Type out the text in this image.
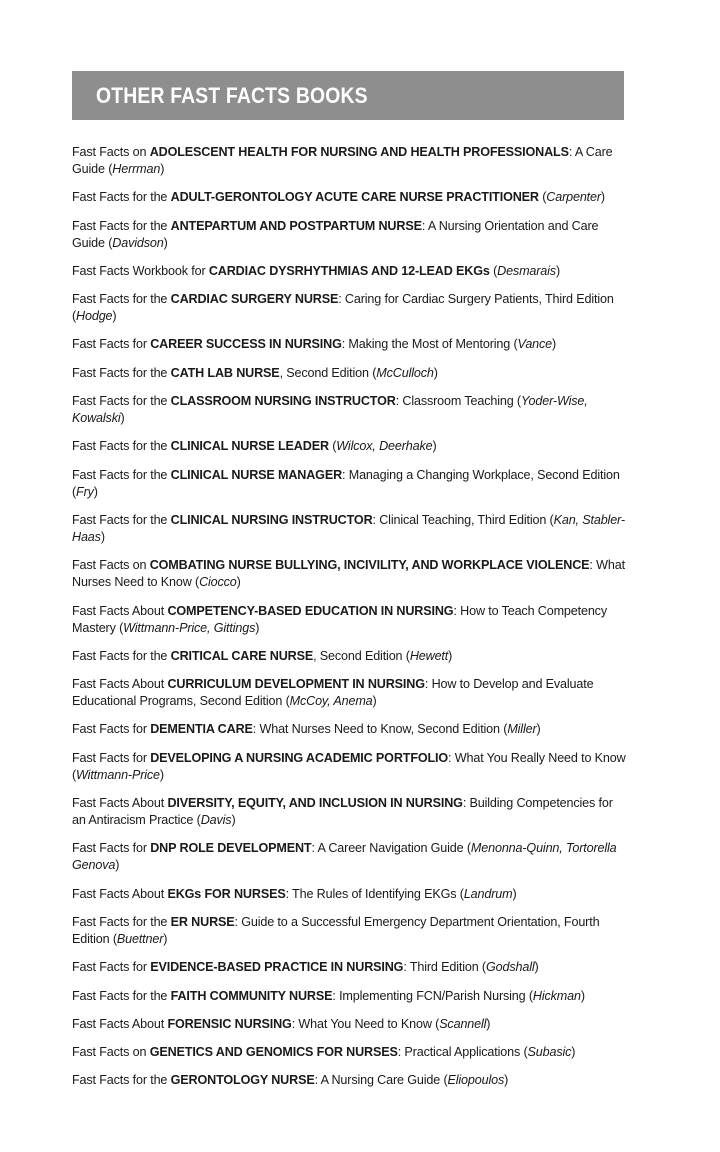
OTHER FAST FACTS BOOKS
Fast Facts on ADOLESCENT HEALTH FOR NURSING AND HEALTH PROFESSIONALS: A Care Guide (Herrman)
Fast Facts for the ADULT-GERONTOLOGY ACUTE CARE NURSE PRACTITIONER (Carpenter)
Fast Facts for the ANTEPARTUM AND POSTPARTUM NURSE: A Nursing Orientation and Care Guide (Davidson)
Fast Facts Workbook for CARDIAC DYSRHYTHMIAS AND 12-LEAD EKGs (Desmarais)
Fast Facts for the CARDIAC SURGERY NURSE: Caring for Cardiac Surgery Patients, Third Edition (Hodge)
Fast Facts for CAREER SUCCESS IN NURSING: Making the Most of Mentoring (Vance)
Fast Facts for the CATH LAB NURSE, Second Edition (McCulloch)
Fast Facts for the CLASSROOM NURSING INSTRUCTOR: Classroom Teaching (Yoder-Wise, Kowalski)
Fast Facts for the CLINICAL NURSE LEADER (Wilcox, Deerhake)
Fast Facts for the CLINICAL NURSE MANAGER: Managing a Changing Workplace, Second Edition (Fry)
Fast Facts for the CLINICAL NURSING INSTRUCTOR: Clinical Teaching, Third Edition (Kan, Stabler-Haas)
Fast Facts on COMBATING NURSE BULLYING, INCIVILITY, AND WORKPLACE VIOLENCE: What Nurses Need to Know (Ciocco)
Fast Facts About COMPETENCY-BASED EDUCATION IN NURSING: How to Teach Competency Mastery (Wittmann-Price, Gittings)
Fast Facts for the CRITICAL CARE NURSE, Second Edition (Hewett)
Fast Facts About CURRICULUM DEVELOPMENT IN NURSING: How to Develop and Evaluate Educational Programs, Second Edition (McCoy, Anema)
Fast Facts for DEMENTIA CARE: What Nurses Need to Know, Second Edition (Miller)
Fast Facts for DEVELOPING A NURSING ACADEMIC PORTFOLIO: What You Really Need to Know (Wittmann-Price)
Fast Facts About DIVERSITY, EQUITY, AND INCLUSION IN NURSING: Building Competencies for an Antiracism Practice (Davis)
Fast Facts for DNP ROLE DEVELOPMENT: A Career Navigation Guide (Menonna-Quinn, Tortorella Genova)
Fast Facts About EKGs FOR NURSES: The Rules of Identifying EKGs (Landrum)
Fast Facts for the ER NURSE: Guide to a Successful Emergency Department Orientation, Fourth Edition (Buettner)
Fast Facts for EVIDENCE-BASED PRACTICE IN NURSING: Third Edition (Godshall)
Fast Facts for the FAITH COMMUNITY NURSE: Implementing FCN/Parish Nursing (Hickman)
Fast Facts About FORENSIC NURSING: What You Need to Know (Scannell)
Fast Facts on GENETICS AND GENOMICS FOR NURSES: Practical Applications (Subasic)
Fast Facts for the GERONTOLOGY NURSE: A Nursing Care Guide (Eliopoulos)
